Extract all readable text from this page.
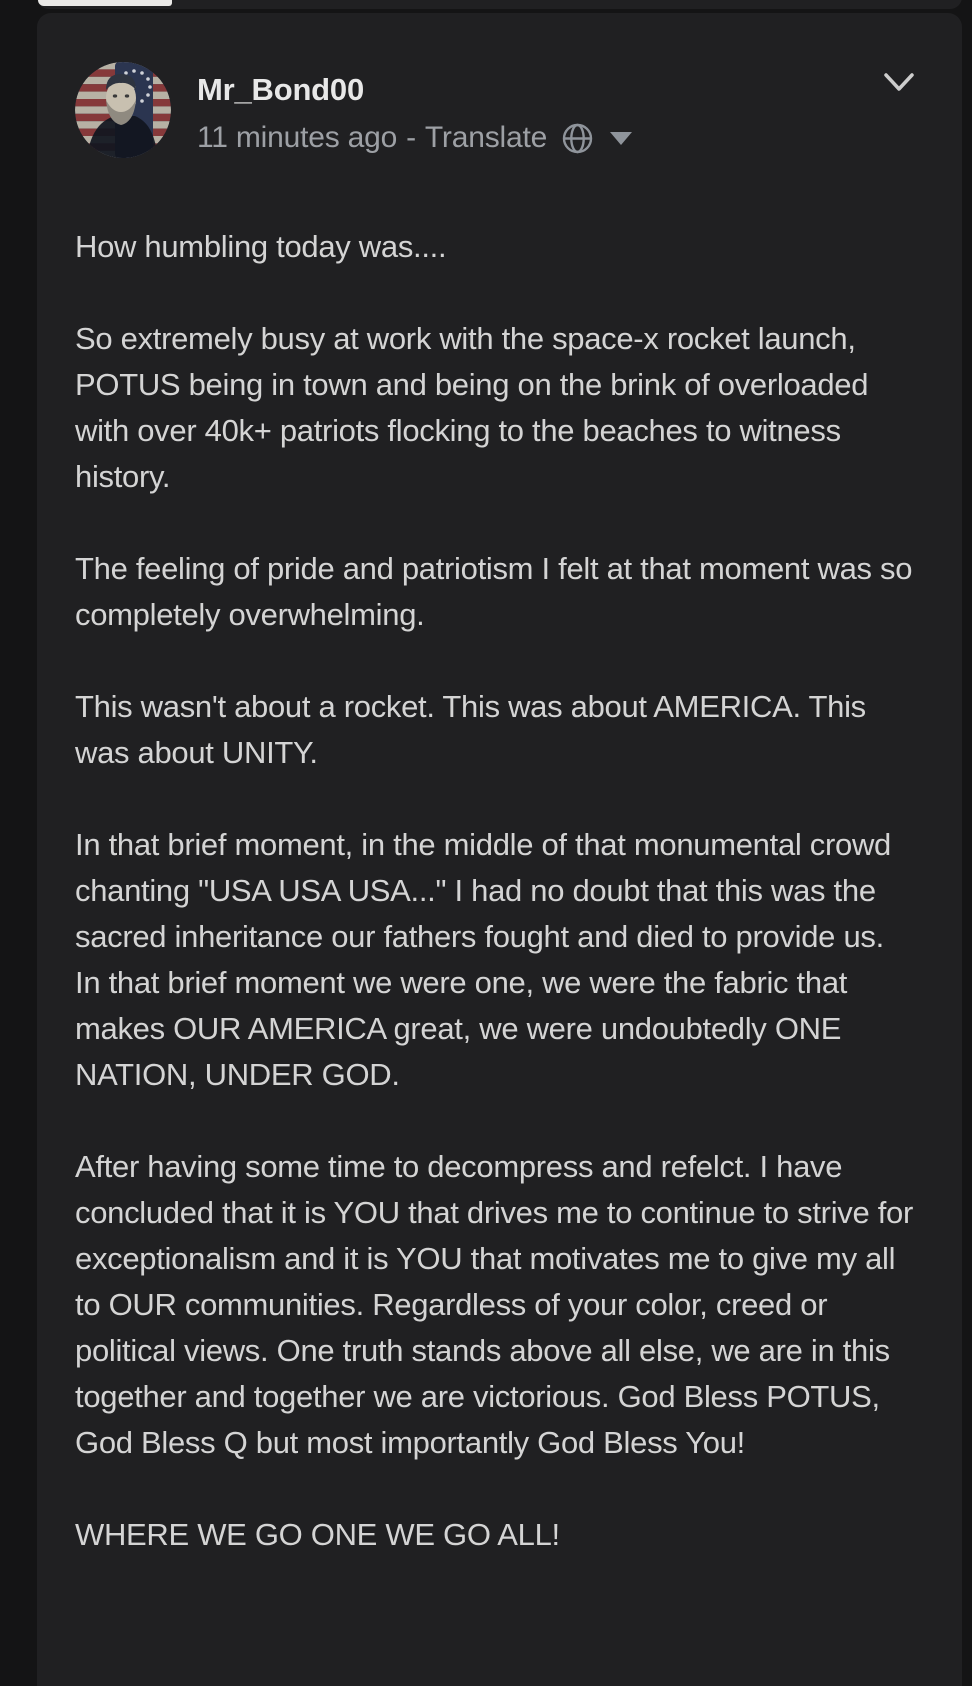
Mr_Bond00
11 minutes ago - Translate

How humbling today was....

So extremely busy at work with the space-x rocket launch, POTUS being in town and being on the brink of overloaded with over 40k+ patriots flocking to the beaches to witness history.

The feeling of pride and patriotism I felt at that moment was so completely overwhelming.

This wasn't about a rocket. This was about AMERICA. This was about UNITY.

In that brief moment, in the middle of that monumental crowd chanting "USA USA USA..." I had no doubt that this was the sacred inheritance our fathers fought and died to provide us. In that brief moment we were one, we were the fabric that makes OUR AMERICA great, we were undoubtedly ONE NATION, UNDER GOD.

After having some time to decompress and refelct. I have concluded that it is YOU that drives me to continue to strive for exceptionalism and it is YOU that motivates me to give my all to OUR communities. Regardless of your color, creed or political views. One truth stands above all else, we are in this together and together we are victorious. God Bless POTUS, God Bless Q but most importantly God Bless You!

WHERE WE GO ONE WE GO ALL!
